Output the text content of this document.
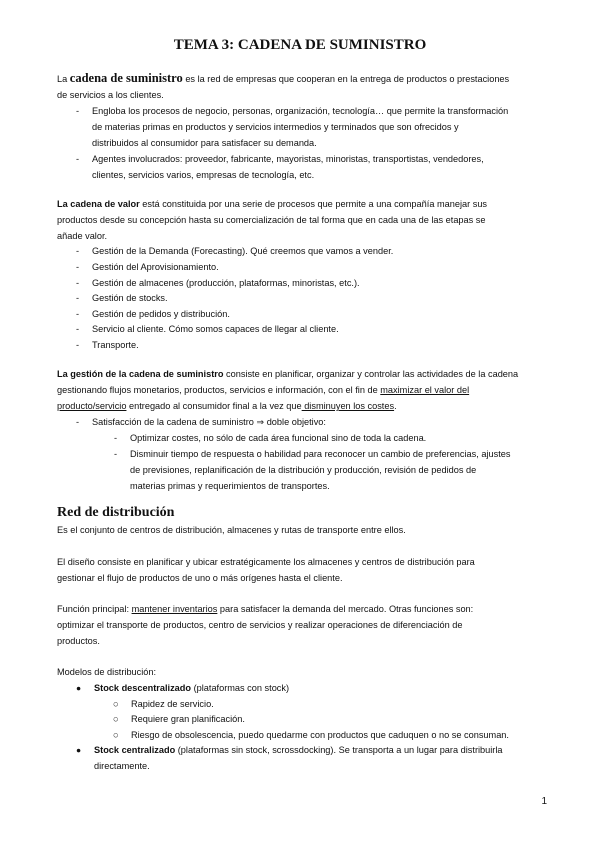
TEMA 3: CADENA DE SUMINISTRO
La cadena de suministro es la red de empresas que cooperan en la entrega de productos o prestaciones
de servicios a los clientes.
-	Engloba los procesos de negocio, personas, organización, tecnología… que permite la transformación
de materias primas en productos y servicios intermedios y terminados que son ofrecidos y
distribuidos al consumidor para satisfacer su demanda.
-	Agentes involucrados: proveedor, fabricante, mayoristas, minoristas, transportistas, vendedores,
clientes, servicios varios, empresas de tecnología, etc.
La cadena de valor está constituida por una serie de procesos que permite a una compañía manejar sus
productos desde su concepción hasta su comercialización de tal forma que en cada una de las etapas se
añade valor.
-	Gestión de la Demanda (Forecasting). Qué creemos que vamos a vender.
-	Gestión del Aprovisionamiento.
-	Gestión de almacenes (producción, plataformas, minoristas, etc.).
-	Gestión de stocks.
-	Gestión de pedidos y distribución.
-	Servicio al cliente. Cómo somos capaces de llegar al cliente.
-	Transporte.
La gestión de la cadena de suministro consiste en planificar, organizar y controlar las actividades de la cadena
gestionando flujos monetarios, productos, servicios e información, con el fin de maximizar el valor del
producto/servicio entregado al consumidor final a la vez que disminuyen los costes.
-	Satisfacción de la cadena de suministro ⇒ doble objetivo:
-	Optimizar costes, no sólo de cada área funcional sino de toda la cadena.
-	Disminuir tiempo de respuesta o habilidad para reconocer un cambio de preferencias, ajustes
de previsiones, replanificación de la distribución y producción, revisión de pedidos de
materias primas y requerimientos de transportes.
Red de distribución
Es el conjunto de centros de distribución, almacenes y rutas de transporte entre ellos.
El diseño consiste en planificar y ubicar estratégicamente los almacenes y centros de distribución para
gestionar el flujo de productos de uno o más orígenes hasta el cliente.
Función principal: mantener inventarios para satisfacer la demanda del mercado. Otras funciones son:
optimizar el transporte de productos, centro de servicios y realizar operaciones de diferenciación de
productos.
Modelos de distribución:
●	Stock descentralizado (plataformas con stock)
○	Rapidez de servicio.
○	Requiere gran planificación.
○	Riesgo de obsolescencia, puedo quedarme con productos que caduquen o no se consuman.
●	Stock centralizado (plataformas sin stock, scrossdocking). Se transporta a un lugar para distribuirla
directamente.
1
